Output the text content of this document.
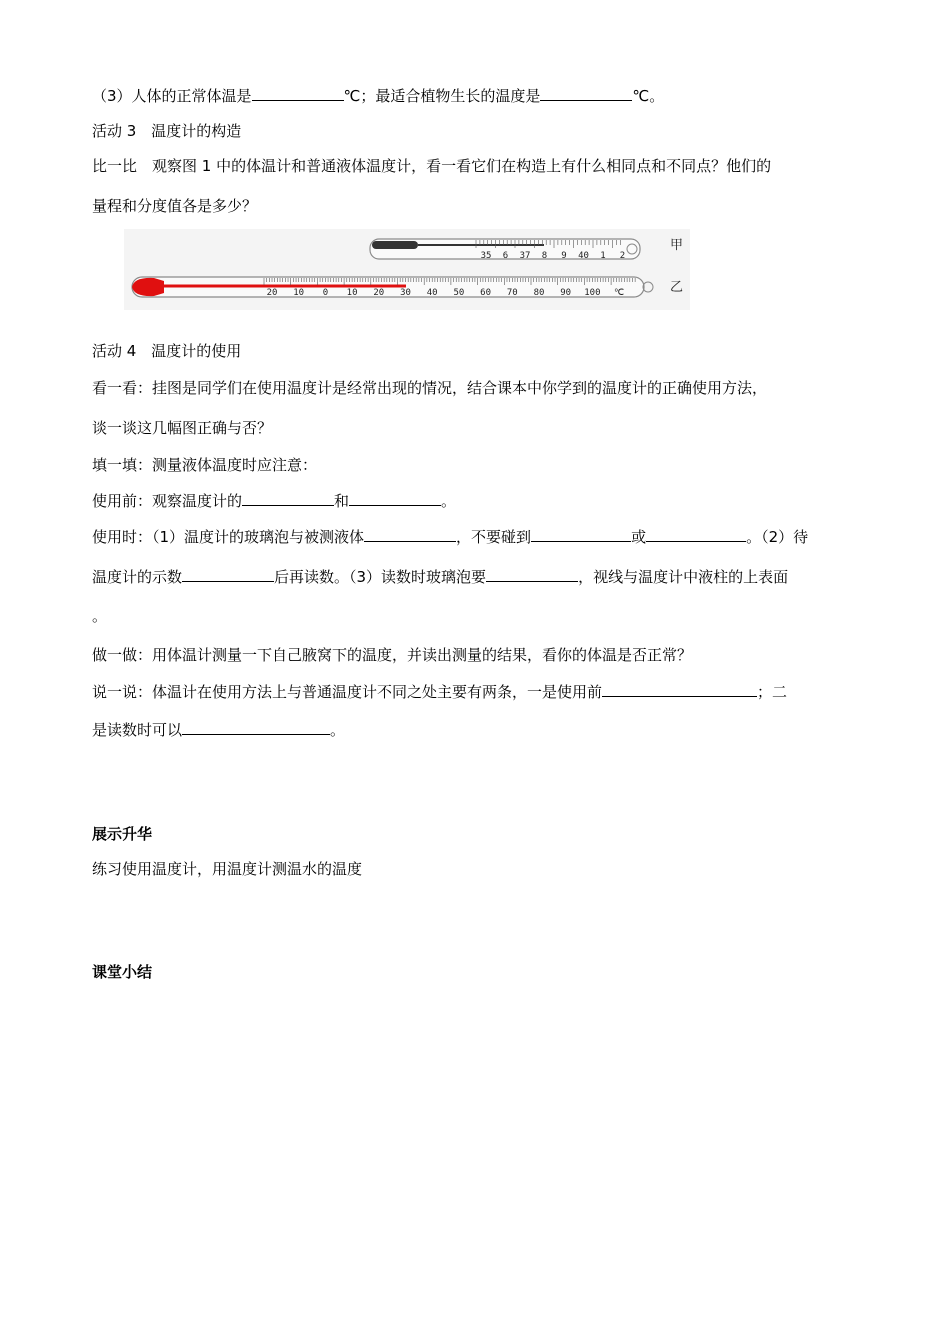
（3）人体的正常体温是	℃；最适合植物生长的温度是	℃。
活动 3　温度计的构造
比一比　观察图 1 中的体温计和普通液体温度计，看一看它们在构造上有什么相同点和不同点？他们的
量程和分度值各是多少？
35 6 37 8 9 40 1 2
甲
20 10 0 10 20 30 40 50 60 70 80 90 100 ℃	乙
活动 4　温度计的使用
看一看：挂图是同学们在使用温度计是经常出现的情况，结合课本中你学到的温度计的正确使用方法，
谈一谈这几幅图正确与否？
填一填：测量液体温度时应注意：
使用前：观察温度计的	和	。
使用时：（1）温度计的玻璃泡与被测液体	，不要碰到	或	。（2）待
温度计的示数	后再读数。（3）读数时玻璃泡要	，视线与温度计中液柱的上表面
。
做一做：用体温计测量一下自己腋窝下的温度，并读出测量的结果，看你的体温是否正常？
说一说：体温计在使用方法上与普通温度计不同之处主要有两条，一是使用前	；二
是读数时可以	。
展示升华
练习使用温度计，用温度计测温水的温度
课堂小结
